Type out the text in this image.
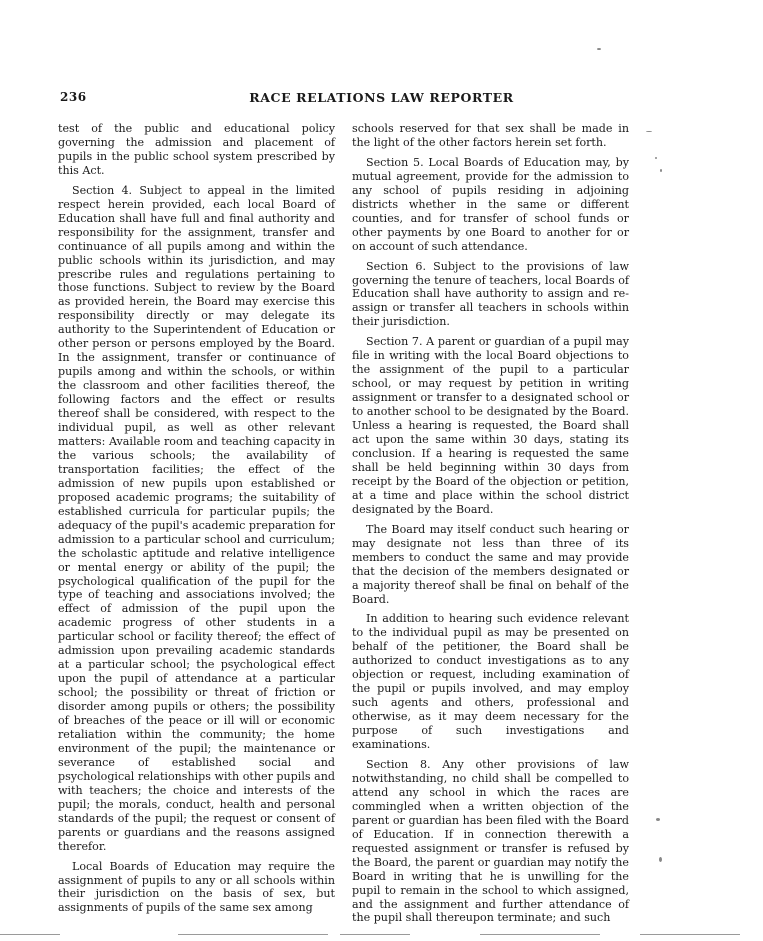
236	RACE RELATIONS LAW REPORTER

test of the public and educational policy governing the admission and placement of pupils in the public school system prescribed by this Act.

Section 4. Subject to appeal in the limited respect herein provided, each local Board of Education shall have full and final authority and responsibility for the assignment, transfer and continuance of all pupils among and within the public schools within its jurisdiction, and may prescribe rules and regulations pertaining to those functions. Subject to review by the Board as provided herein, the Board may exercise this responsibility directly or may delegate its authority to the Superintendent of Education or other person or persons employed by the Board. In the assignment, transfer or continuance of pupils among and within the schools, or within the classroom and other facilities thereof, the following factors and the effect or results thereof shall be considered, with respect to the individual pupil, as well as other relevant matters: Available room and teaching capacity in the various schools; the availability of transportation facilities; the effect of the admission of new pupils upon established or proposed academic programs; the suitability of established curricula for particular pupils; the adequacy of the pupil's academic preparation for admission to a particular school and curriculum; the scholastic aptitude and relative intelligence or mental energy or ability of the pupil; the psychological qualification of the pupil for the type of teaching and associations involved; the effect of admission of the pupil upon the academic progress of other students in a particular school or facility thereof; the effect of admission upon prevailing academic standards at a particular school; the psychological effect upon the pupil of attendance at a particular school; the possibility or threat of friction or disorder among pupils or others; the possibility of breaches of the peace or ill will or economic retaliation within the community; the home environment of the pupil; the maintenance or severance of established social and psychological relationships with other pupils and with teachers; the choice and interests of the pupil; the morals, conduct, health and personal standards of the pupil; the request or consent of parents or guardians and the reasons assigned therefor.

Local Boards of Education may require the assignment of pupils to any or all schools within their jurisdiction on the basis of sex, but assignments of pupils of the same sex among

schools reserved for that sex shall be made in the light of the other factors herein set forth.

Section 5. Local Boards of Education may, by mutual agreement, provide for the admission to any school of pupils residing in adjoining districts whether in the same or different counties, and for transfer of school funds or other payments by one Board to another for or on account of such attendance.

Section 6. Subject to the provisions of law governing the tenure of teachers, local Boards of Education shall have authority to assign and re-assign or transfer all teachers in schools within their jurisdiction.

Section 7. A parent or guardian of a pupil may file in writing with the local Board objections to the assignment of the pupil to a particular school, or may request by petition in writing assignment or transfer to a designated school or to another school to be designated by the Board. Unless a hearing is requested, the Board shall act upon the same within 30 days, stating its conclusion. If a hearing is requested the same shall be held beginning within 30 days from receipt by the Board of the objection or petition, at a time and place within the school district designated by the Board.

The Board may itself conduct such hearing or may designate not less than three of its members to conduct the same and may provide that the decision of the members designated or a majority thereof shall be final on behalf of the Board.

In addition to hearing such evidence relevant to the individual pupil as may be presented on behalf of the petitioner, the Board shall be authorized to conduct investigations as to any objection or request, including examination of the pupil or pupils involved, and may employ such agents and others, professional and otherwise, as it may deem necessary for the purpose of such investigations and examinations.

Section 8. Any other provisions of law notwithstanding, no child shall be compelled to attend any school in which the races are commingled when a written objection of the parent or guardian has been filed with the Board of Education. If in connection therewith a requested assignment or transfer is refused by the Board, the parent or guardian may notify the Board in writing that he is unwilling for the pupil to remain in the school to which assigned, and the assignment and further attendance of the pupil shall thereupon terminate; and such
